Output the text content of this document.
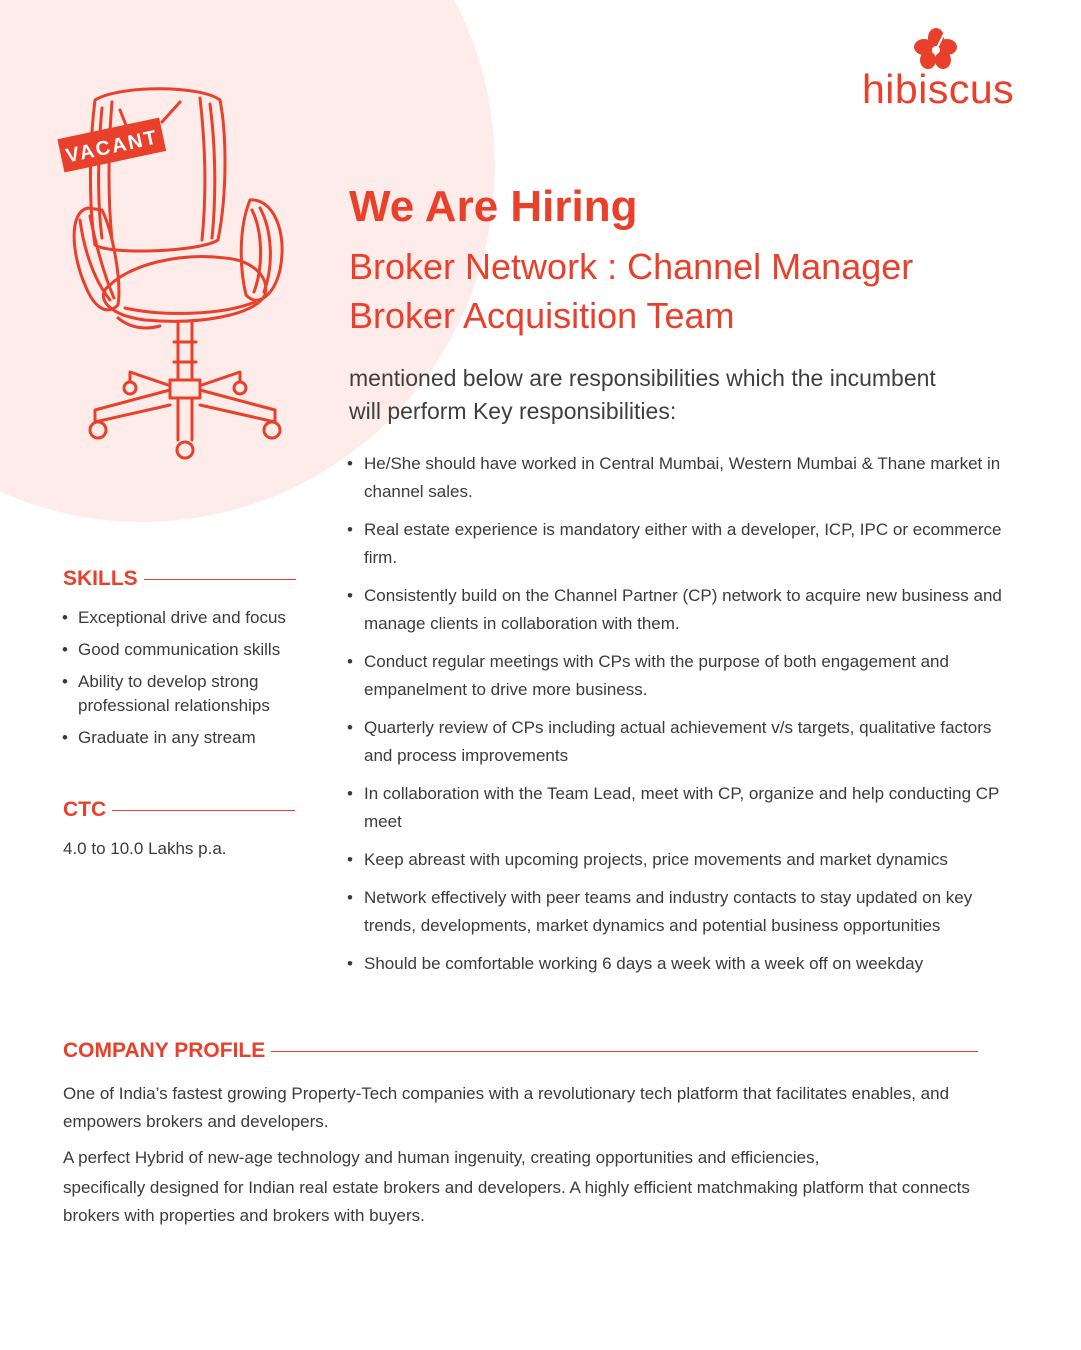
VACANT
hibiscus
We Are Hiring
Broker Network : Channel Manager
Broker Acquisition Team
mentioned below are responsibilities which the incumbent will perform Key responsibilities:
• He/She should have worked in Central Mumbai, Western Mumbai & Thane market in channel sales.
• Real estate experience is mandatory either with a developer, ICP, IPC or ecommerce firm.
• Consistently build on the Channel Partner (CP) network to acquire new business and manage clients in collaboration with them.
• Conduct regular meetings with CPs with the purpose of both engagement and empanelment to drive more business.
• Quarterly review of CPs including actual achievement v/s targets, qualitative factors and process improvements
• In collaboration with the Team Lead, meet with CP, organize and help conducting CP meet
• Keep abreast with upcoming projects, price movements and market dynamics
• Network effectively with peer teams and industry contacts to stay updated on key trends, developments, market dynamics and potential business opportunities
• Should be comfortable working 6 days a week with a week off on weekday
SKILLS
• Exceptional drive and focus
• Good communication skills
• Ability to develop strong professional relationships
• Graduate in any stream
CTC
4.0 to 10.0 Lakhs p.a.
COMPANY PROFILE

One of India’s fastest growing Property-Tech companies with a revolutionary tech platform that facilitates enables, and empowers brokers and developers.

A perfect Hybrid of new-age technology and human ingenuity, creating opportunities and efficiencies,

specifically designed for Indian real estate brokers and developers. A highly efficient matchmaking platform that connects brokers with properties and brokers with buyers.
